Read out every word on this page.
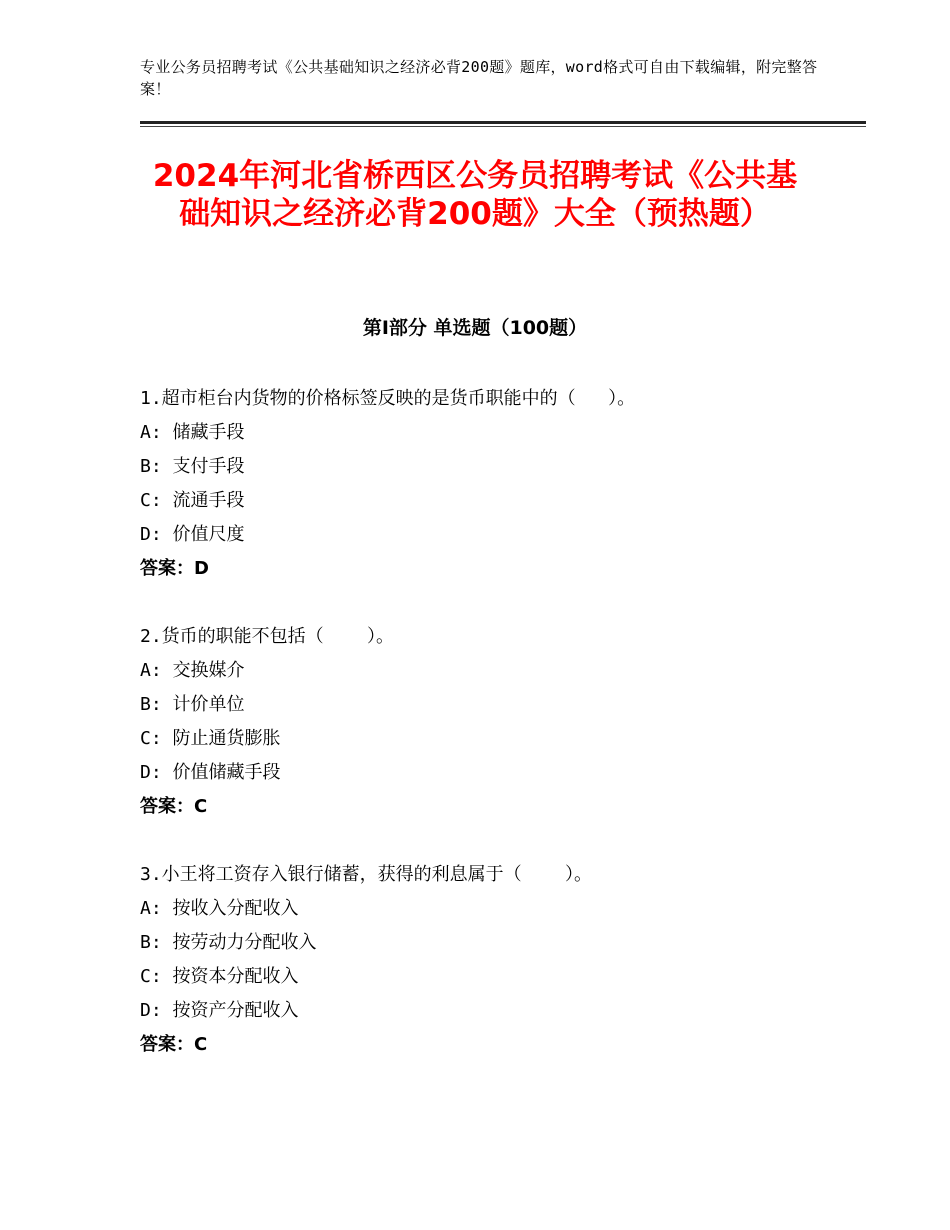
专业公务员招聘考试《公共基础知识之经济必背200题》题库，word格式可自由下载编辑，附完整答案！
2024年河北省桥西区公务员招聘考试《公共基础知识之经济必背200题》大全（预热题）
第Ⅰ部分 单选题（100题）
1.超市柜台内货物的价格标签反映的是货币职能中的（   ）。
A: 储藏手段
B: 支付手段
C: 流通手段
D: 价值尺度
答案：D
2.货币的职能不包括（    ）。
A: 交换媒介
B: 计价单位
C: 防止通货膨胀
D: 价值储藏手段
答案：C
3.小王将工资存入银行储蓄，获得的利息属于（    ）。
A: 按收入分配收入
B: 按劳动力分配收入
C: 按资本分配收入
D: 按资产分配收入
答案：C
